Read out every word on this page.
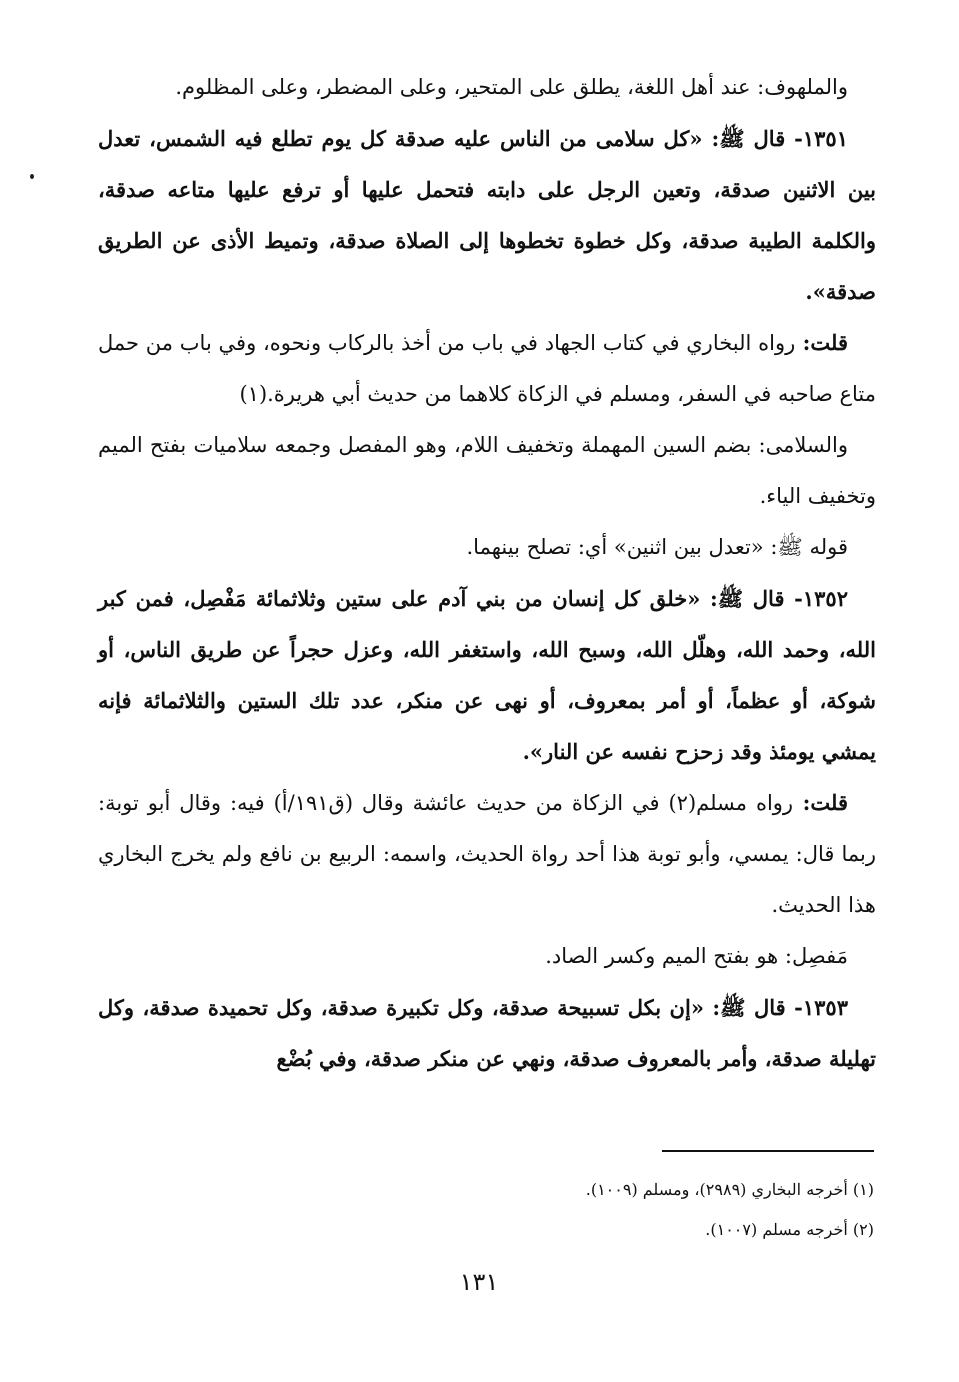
والملهوف: عند أهل اللغة، يطلق على المتحير، وعلى المضطر، وعلى المظلوم.

١٣٥١- قال ﷺ: «كل سلامى من الناس عليه صدقة كل يوم تطلع فيه الشمس، تعدل بين الاثنين صدقة، وتعين الرجل على دابته فتحمل عليها أو ترفع عليها متاعه صدقة، والكلمة الطيبة صدقة، وكل خطوة تخطوها إلى الصلاة صدقة، وتميط الأذى عن الطريق صدقة».

قلت: رواه البخاري في كتاب الجهاد في باب من أخذ بالركاب ونحوه، وفي باب من حمل متاع صاحبه في السفر، ومسلم في الزكاة كلاهما من حديث أبي هريرة.(١)

والسلامى: بضم السين المهملة وتخفيف اللام، وهو المفصل وجمعه سلاميات بفتح الميم وتخفيف الياء.

قوله ﷺ: «تعدل بين اثنين» أي: تصلح بينهما.

١٣٥٢- قال ﷺ: «خلق كل إنسان من بني آدم على ستين وثلاثمائة مَفْصِل، فمن كبر الله، وحمد الله، وهلّل الله، وسبح الله، واستغفر الله، وعزل حجراً عن طريق الناس، أو شوكة، أو عظماً، أو أمر بمعروف، أو نهى عن منكر، عدد تلك الستين والثلاثمائة فإنه يمشي يومئذ وقد زحزح نفسه عن النار».

قلت: رواه مسلم(٢) في الزكاة من حديث عائشة وقال (ق١٩١/أ) فيه: وقال أبو توبة: ربما قال: يمسي، وأبو توبة هذا أحد رواة الحديث، واسمه: الربيع بن نافع ولم يخرج البخاري هذا الحديث.

مَفصِل: هو بفتح الميم وكسر الصاد.

١٣٥٣- قال ﷺ: «إن بكل تسبيحة صدقة، وكل تكبيرة صدقة، وكل تحميدة صدقة، وكل تهليلة صدقة، وأمر بالمعروف صدقة، ونهي عن منكر صدقة، وفي بُضْع

(١) أخرجه البخاري (٢٩٨٩)، ومسلم (١٠٠٩).

(٢) أخرجه مسلم (١٠٠٧).

١٣١
